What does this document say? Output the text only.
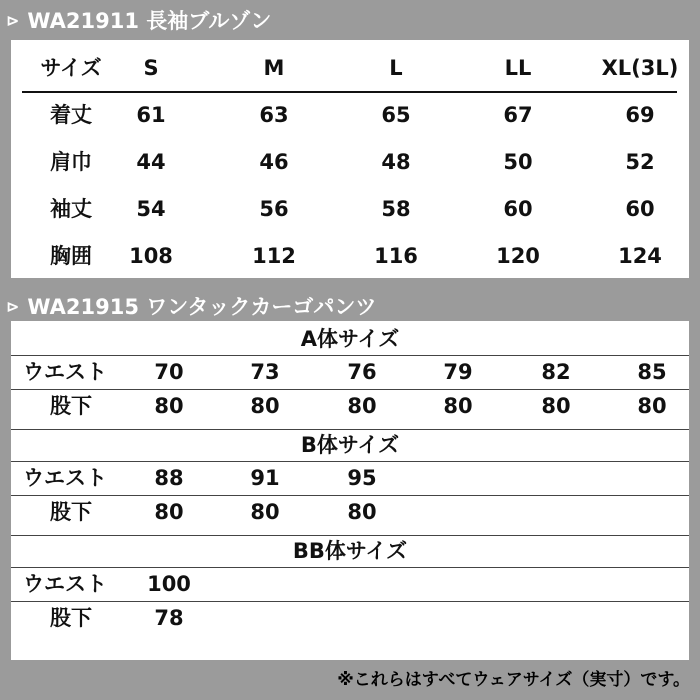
⊳ WA21911 長袖ブルゾン
サイズ	S	M	L	LL	XL(3L)
着丈	61	63	65	67	69
肩巾	44	46	48	50	52
袖丈	54	56	58	60	60
胸囲	108	112	116	120	124
⊳ WA21915 ワンタックカーゴパンツ
A体サイズ
ウエスト	70	73	76	79	82	85
股下	80	80	80	80	80	80
B体サイズ
ウエスト	88	91	95
股下	80	80	80
BB体サイズ
ウエスト	100
股下	78
※これらはすべてウェアサイズ（実寸）です。
